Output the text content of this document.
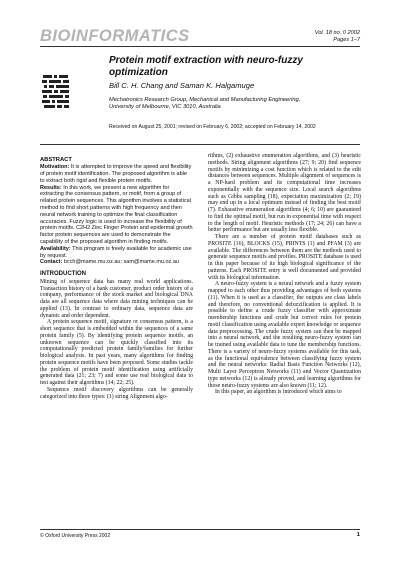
BIOINFORMATICS	Vol. 18 no. 0 2002
Pages 1–7
Protein motif extraction with neuro-fuzzy optimization
Bill C. H. Chang and Saman K. Halgamuge
Mechatronics Research Group, Mechanical and Manufacturing Engineering,
University of Melbourne, VIC 3010, Australia
Received on August 25, 2001; revised on February 6, 2002; accepted on February 14, 2002
ABSTRACT

Motivation: It is attempted to improve the speed and flexibility of protein motif identification. The proposed algorithm is able to extract both rigid and flexible protein motifs.

Results: In this work, we present a new algorithm for extracting the consensus pattern, or motif, from a group of related protein sequences. This algorithm involves a statistical method to find short patterns with high frequency and then neural network training to optimize the final classification accuracies. Fuzzy logic is used to increase the flexibility of protein motifs. C2H2 Zinc Finger Protein and epidermal growth factor protein sequences are used to demonstrate the capability of the proposed algorithm in finding motifs.

Availability: This program is freely available for academic use by request.

Contact: bcch@mame.mu.oz.au; sam@mame.mu.oz.au

INTRODUCTION

Mining of sequence data has many real world applications. Transaction history of a bank customer, product order history of a company, performance of the stock market and biological DNA data are all sequence data where data mining techniques can be applied (13). In contrast to ordinary data, sequence data are dynamic and order dependent.

A protein sequence motif, signature or consensus pattern, is a short sequence that is embedded within the sequences of a same protein family (5). By identifying protein sequence motifs, an unknown sequence can be quickly classified into its computationally predicted protein family/families for further biological analysis. In past years, many algorithms for finding protein sequence motifs have been proposed. Some studies tackle the problem of protein motif identification using artificially generated data (21; 23; 7) and some use real biological data to test against their algorithms (14; 22; 25).

Sequence motif discovery algorithms can be generally categorized into three types: (1) string Alignment algo-

rithms, (2) exhaustive enumeration algorithms, and (3) heuristic methods. String alignment algorithms (27; 9; 20) find sequence motifs by minimizing a cost function which is related to the edit distances between sequences. Multiple alignment of sequences is a NP-hard problem and its computational time increases exponentially with the sequence size. Local search algorithms such as Gibbs sampling (18), expectation maximization (2; 19) may end up in a local optimum instead of finding the best motif (7). Exhaustive enumeration algorithms (4; 6; 10) are guaranteed to find the optimal motif, but run in exponential time with respect to the length of motif. Heuristic methods (17; 24; 26) can have a better performance but are usually less flexible.

There are a number of protein motif databases such as PROSITE (16), BLOCKS (15), PRINTS (1) and PFAM (3) are available. The differences between them are the methods used to generate sequence motifs and profiles. PROSITE database is used in this paper because of its high biological significance of the patterns. Each PROSITE entry is well documented and provided with its biological information.

A neuro-fuzzy system is a neural network and a fuzzy system mapped to each other thus providing advantages of both systems (11). When it is used as a classifier, the outputs are class labels and therefore, no conventional defuzzification is applied. It is possible to define a crude fuzzy classifier with approximate membership functions and crude but correct rules for protein motif classification using available expert knowledge or sequence data preprocessing. The crude fuzzy system can then be mapped into a neural network, and the resulting neuro-fuzzy system can be trained using available data to tune the membership functions. There is a variety of neuro-fuzzy systems available for this task, as the functional equivalence between classifying fuzzy system and the neural networks: Radial Basis Function Networks (12), Multi Layer Perceptron Networks (11) and Vector Quantization type networks (12) is already proved, and learning algorithms for those neuro-fuzzy systems are also known (11; 12).

In this paper, an algorithm is introduced which aims to

© Oxford University Press 2002	1
